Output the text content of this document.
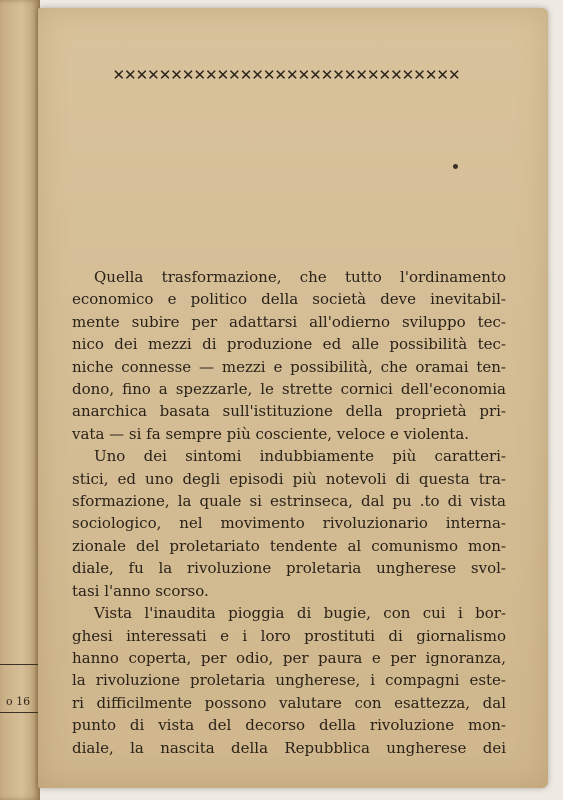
o 16
✕✕✕✕✕✕✕✕✕✕✕✕✕✕✕✕✕✕✕✕✕✕✕✕✕✕✕✕✕✕
Quella trasformazione, che tutto l'ordinamento
economico e politico della società deve inevitabil-
mente subire per adattarsi all'odierno sviluppo tec-
nico dei mezzi di produzione ed alle possibilità tec-
niche connesse — mezzi e possibilità, che oramai ten-
dono, fino a spezzarle, le strette cornici dell'economia
anarchica basata sull'istituzione della proprietà pri-
vata — si fa sempre più cosciente, veloce e violenta.
Uno dei sintomi indubbiamente più caratteri-
stici, ed uno degli episodi più notevoli di questa tra-
sformazione, la quale si estrinseca, dal pu .to di vista
sociologico, nel movimento rivoluzionario interna-
zionale del proletariato tendente al comunismo mon-
diale, fu la rivoluzione proletaria ungherese svol-
tasi l'anno scorso.
Vista l'inaudita pioggia di bugie, con cui i bor-
ghesi interessati e i loro prostituti di giornalismo
hanno coperta, per odio, per paura e per ignoranza,
la rivoluzione proletaria ungherese, i compagni este-
ri difficilmente possono valutare con esattezza, dal
punto di vista del decorso della rivoluzione mon-
diale, la nascita della Repubblica ungherese dei
